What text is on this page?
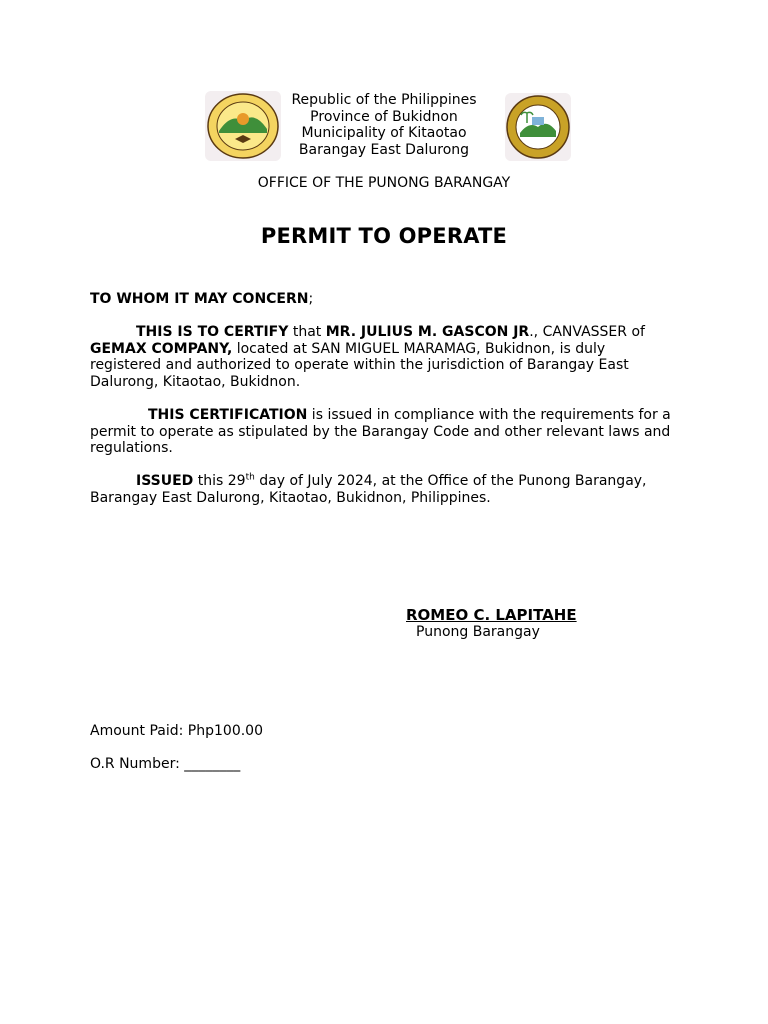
Republic of the Philippines
Province of Bukidnon
Municipality of Kitaotao
Barangay East Dalurong
OFFICE OF THE PUNONG BARANGAY
PERMIT TO OPERATE
TO WHOM IT MAY CONCERN;
THIS IS TO CERTIFY that MR. JULIUS M. GASCON JR., CANVASSER of GEMAX COMPANY, located at SAN MIGUEL MARAMAG, Bukidnon, is duly registered and authorized to operate within the jurisdiction of Barangay East Dalurong, Kitaotao, Bukidnon.
THIS CERTIFICATION is issued in compliance with the requirements for a permit to operate as stipulated by the Barangay Code and other relevant laws and regulations.
ISSUED this 29th day of July 2024, at the Office of the Punong Barangay, Barangay East Dalurong, Kitaotao, Bukidnon, Philippines.
ROMEO C. LAPITAHE
Punong Barangay
Amount Paid: Php100.00
O.R Number: ________
